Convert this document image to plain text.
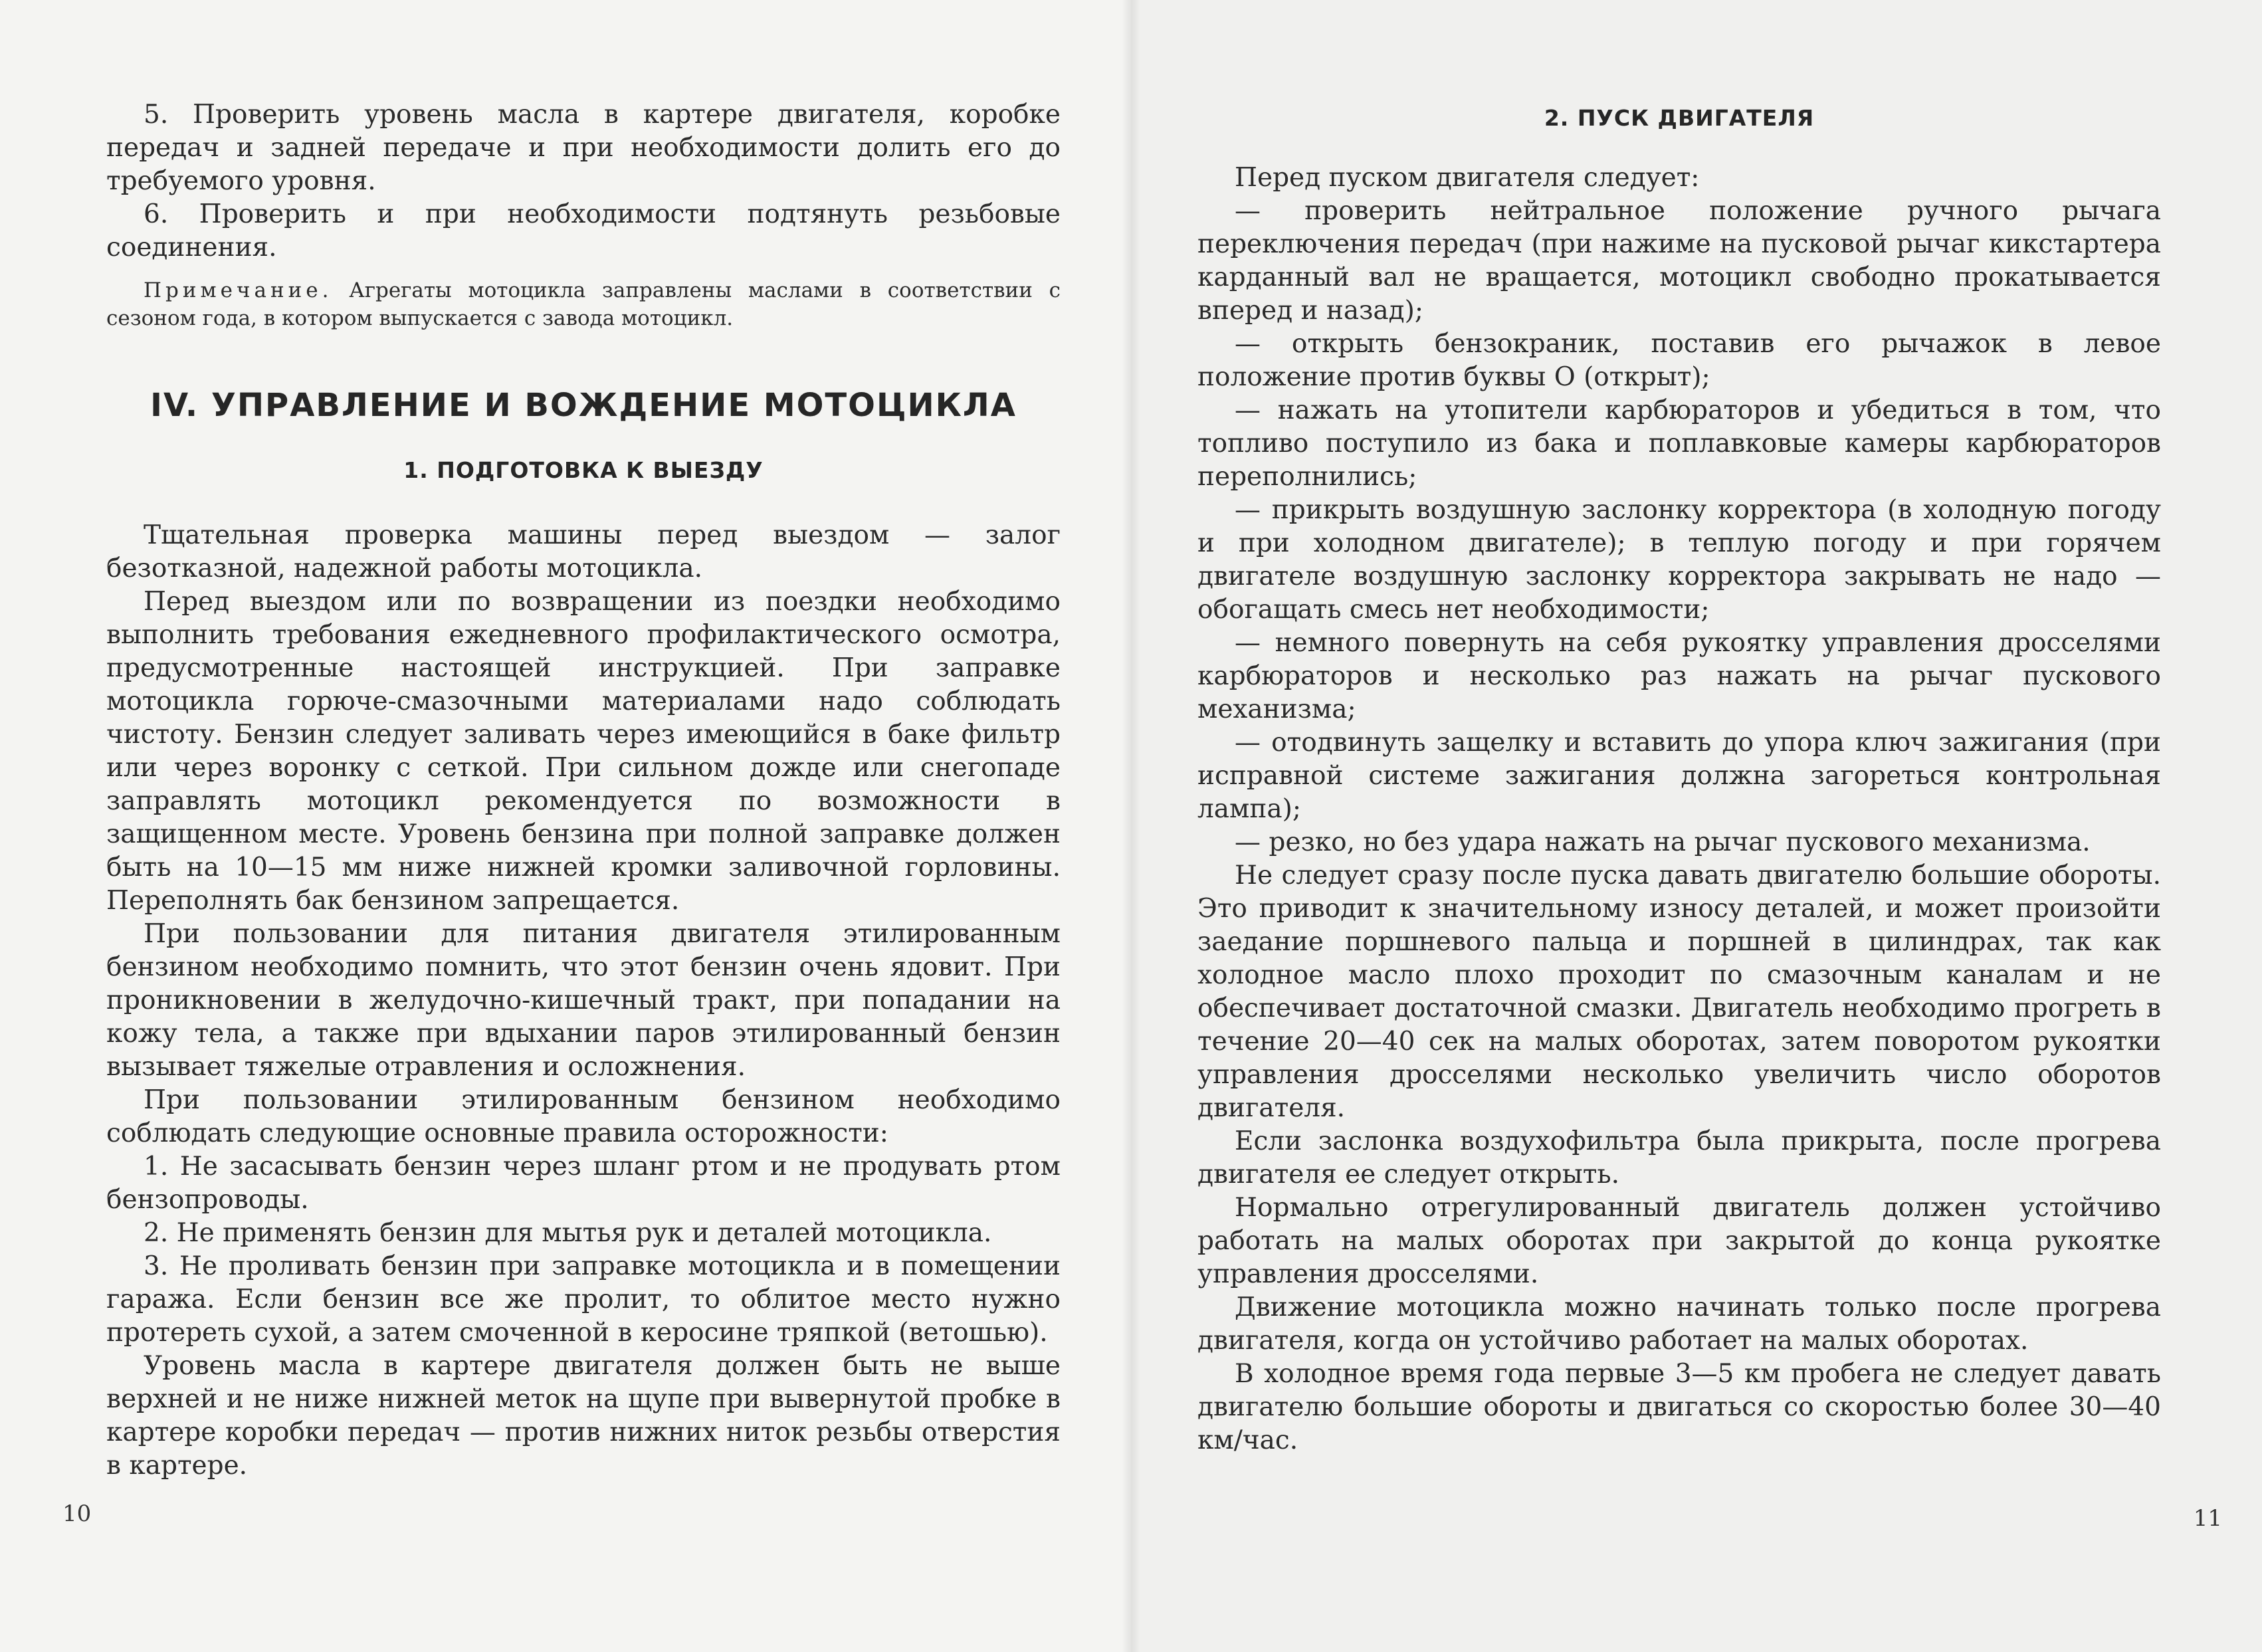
5. Проверить уровень масла в картере двигателя, коробке передач и задней передаче и при необходимости долить его до требуемого уровня.

6. Проверить и при необходимости подтянуть резьбовые соединения.

Примечание. Агрегаты мотоцикла заправлены маслами в соответствии с сезоном года, в котором выпускается с завода мотоцикл.

IV. УПРАВЛЕНИЕ И ВОЖДЕНИЕ МОТОЦИКЛА
1. ПОДГОТОВКА К ВЫЕЗДУ

Тщательная проверка машины перед выездом — залог безотказной, надежной работы мотоцикла.

Перед выездом или по возвращении из поездки необходимо выполнить требования ежедневного профилактического осмотра, предусмотренные настоящей инструкцией. При заправке мотоцикла горюче-смазочными материалами надо соблюдать чистоту. Бензин следует заливать через имеющийся в баке фильтр или через воронку с сеткой. При сильном дожде или снегопаде заправлять мотоцикл рекомендуется по возможности в защищенном месте. Уровень бензина при полной заправке должен быть на 10—15 мм ниже нижней кромки заливочной горловины. Переполнять бак бензином запрещается.

При пользовании для питания двигателя этилированным бензином необходимо помнить, что этот бензин очень ядовит. При проникновении в желудочно-кишечный тракт, при попадании на кожу тела, а также при вдыхании паров этилированный бензин вызывает тяжелые отравления и осложнения.

При пользовании этилированным бензином необходимо соблюдать следующие основные правила осторожности:

1. Не засасывать бензин через шланг ртом и не продувать ртом бензопроводы.

2. Не применять бензин для мытья рук и деталей мотоцикла.

3. Не проливать бензин при заправке мотоцикла и в помещении гаража. Если бензин все же пролит, то облитое место нужно протереть сухой, а затем смоченной в керосине тряпкой (ветошью).

Уровень масла в картере двигателя должен быть не выше верхней и не ниже нижней меток на щупе при вывернутой пробке в картере коробки передач — против нижних ниток резьбы отверстия в картере.

10
2. ПУСК ДВИГАТЕЛЯ

Перед пуском двигателя следует:

— проверить нейтральное положение ручного рычага переключения передач (при нажиме на пусковой рычаг кикстартера карданный вал не вращается, мотоцикл свободно прокатывается вперед и назад);

— открыть бензокраник, поставив его рычажок в левое положение против буквы О (открыт);

— нажать на утопители карбюраторов и убедиться в том, что топливо поступило из бака и поплавковые камеры карбюраторов переполнились;

— прикрыть воздушную заслонку корректора (в холодную погоду и при холодном двигателе); в теплую погоду и при горячем двигателе воздушную заслонку корректора закрывать не надо — обогащать смесь нет необходимости;

— немного повернуть на себя рукоятку управления дросселями карбюраторов и несколько раз нажать на рычаг пускового механизма;

— отодвинуть защелку и вставить до упора ключ зажигания (при исправной системе зажигания должна загореться контрольная лампа);

— резко, но без удара нажать на рычаг пускового механизма.

Не следует сразу после пуска давать двигателю большие обороты. Это приводит к значительному износу деталей, и может произойти заедание поршневого пальца и поршней в цилиндрах, так как холодное масло плохо проходит по смазочным каналам и не обеспечивает достаточной смазки. Двигатель необходимо прогреть в течение 20—40 сек на малых оборотах, затем поворотом рукоятки управления дросселями несколько увеличить число оборотов двигателя.

Если заслонка воздухофильтра была прикрыта, после прогрева двигателя ее следует открыть.

Нормально отрегулированный двигатель должен устойчиво работать на малых оборотах при закрытой до конца рукоятке управления дросселями.

Движение мотоцикла можно начинать только после прогрева двигателя, когда он устойчиво работает на малых оборотах.

В холодное время года первые 3—5 км пробега не следует давать двигателю большие обороты и двигаться со скоростью более 30—40 км/час.

11
